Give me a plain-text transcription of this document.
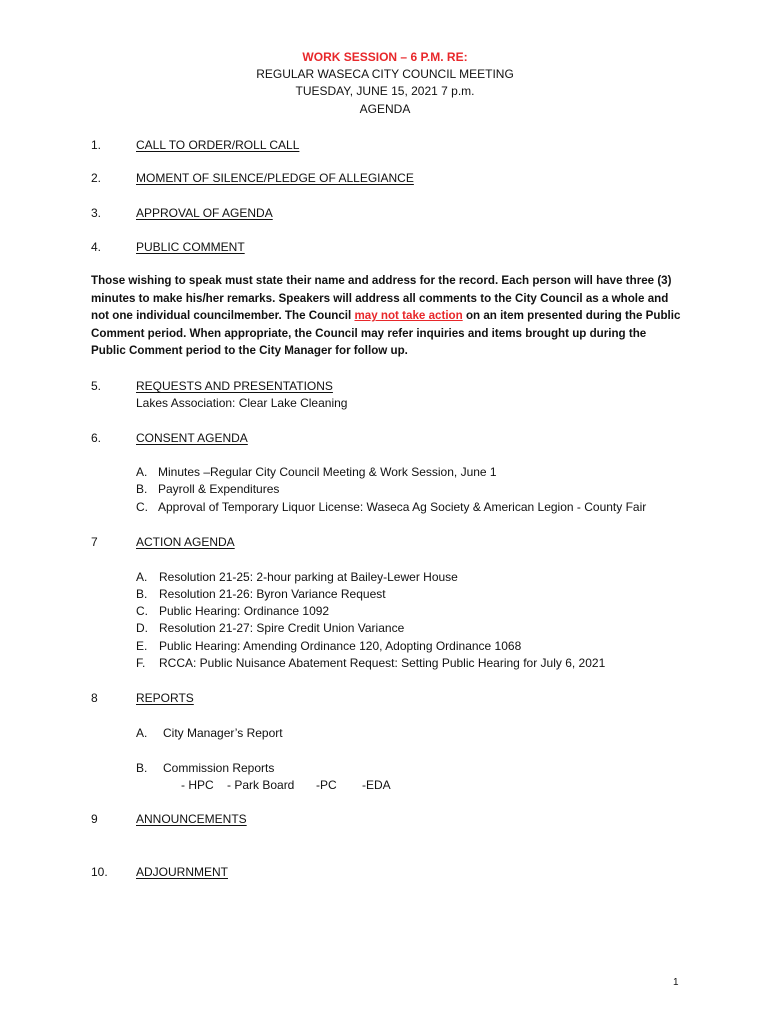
WORK SESSION – 6 P.M. RE:
REGULAR WASECA CITY COUNCIL MEETING
TUESDAY, JUNE 15, 2021 7 p.m.
AGENDA
1.	CALL TO ORDER/ROLL CALL
2.	MOMENT OF SILENCE/PLEDGE OF ALLEGIANCE
3.	APPROVAL OF AGENDA
4.	PUBLIC COMMENT
Those wishing to speak must state their name and address for the record. Each person will have three (3) minutes to make his/her remarks. Speakers will address all comments to the City Council as a whole and not one individual councilmember. The Council may not take action on an item presented during the Public Comment period. When appropriate, the Council may refer inquiries and items brought up during the Public Comment period to the City Manager for follow up.
5.	REQUESTS AND PRESENTATIONS
Lakes Association: Clear Lake Cleaning
6.	CONSENT AGENDA
A. Minutes –Regular City Council Meeting & Work Session, June 1
B. Payroll & Expenditures
C. Approval of Temporary Liquor License: Waseca Ag Society & American Legion - County Fair
7	ACTION AGENDA
A. Resolution 21-25: 2-hour parking at Bailey-Lewer House
B. Resolution 21-26: Byron Variance Request
C. Public Hearing: Ordinance 1092
D. Resolution 21-27: Spire Credit Union Variance
E. Public Hearing: Amending Ordinance 120, Adopting Ordinance 1068
F. RCCA: Public Nuisance Abatement Request: Setting Public Hearing for July 6, 2021
8	REPORTS
A. City Manager’s Report
B. Commission Reports
- HPC - Park Board -PC -EDA
9	ANNOUNCEMENTS
10. ADJOURNMENT
1
